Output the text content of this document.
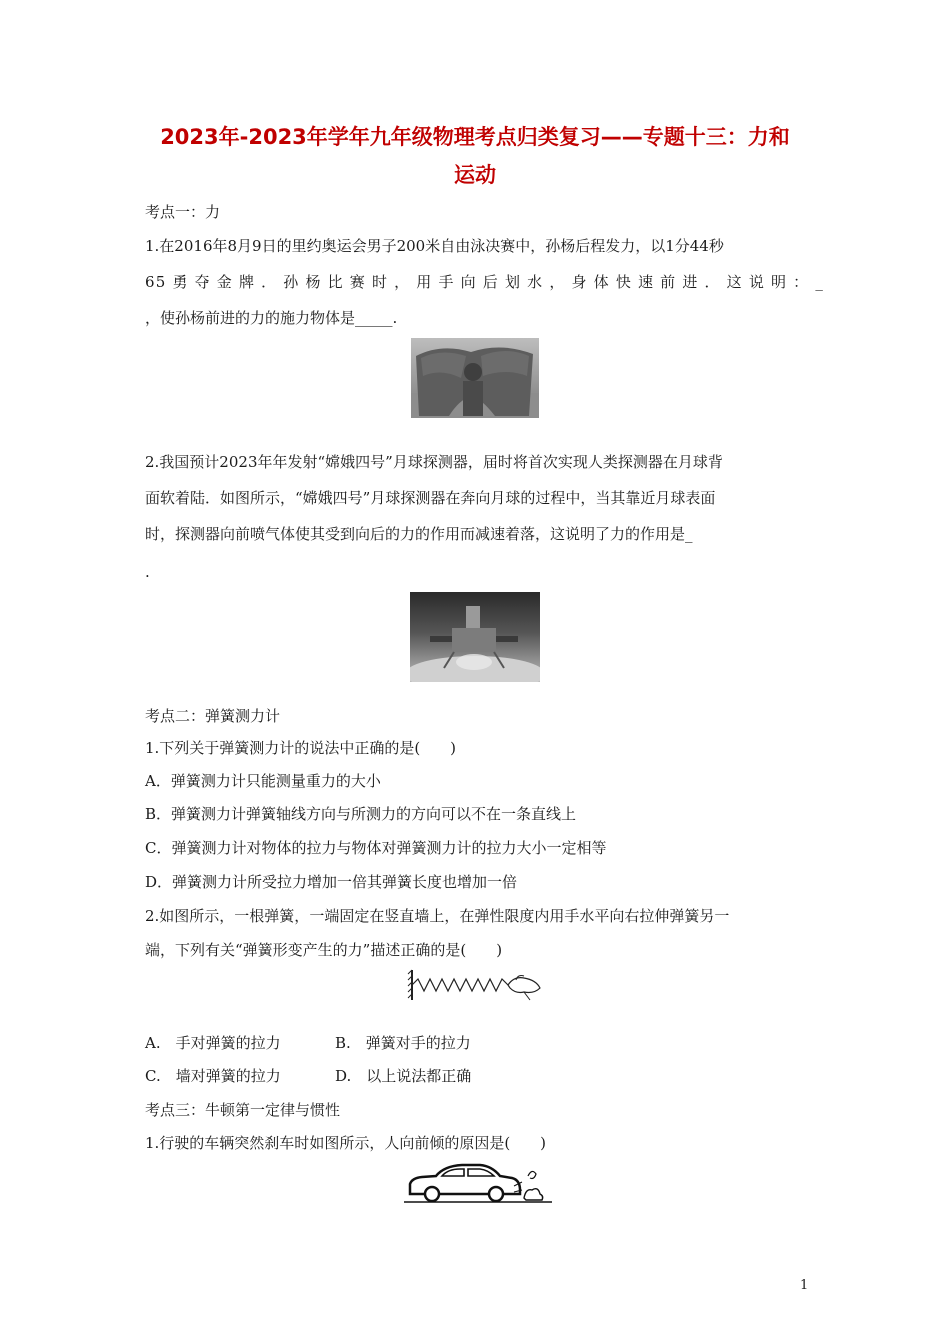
2023年-2023年学年九年级物理考点归类复习——专题十三：力和
运动
考点一：力
1.在2016年8月9日的里约奥运会男子200米自由泳决赛中，孙杨后程发力，以1分44秒
65 勇 夺 金 牌 ． 孙 杨 比 赛 时 ， 用 手 向 后 划 水 ， 身 体 快 速 前 进 ． 这 说 明 ： _
，使孙杨前进的力的施力物体是_____.
2.我国预计2023年年发射“嫦娥四号”月球探测器，届时将首次实现人类探测器在月球背
面软着陆．如图所示，“嫦娥四号”月球探测器在奔向月球的过程中，当其靠近月球表面
时，探测器向前喷气体使其受到向后的力的作用而减速着落，这说明了力的作用是_
.
考点二：弹簧测力计
1.下列关于弹簧测力计的说法中正确的是(　　)
A．弹簧测力计只能测量重力的大小
B．弹簧测力计弹簧轴线方向与所测力的方向可以不在一条直线上
C．弹簧测力计对物体的拉力与物体对弹簧测力计的拉力大小一定相等
D．弹簧测力计所受拉力增加一倍其弹簧长度也增加一倍
2.如图所示，一根弹簧，一端固定在竖直墙上，在弹性限度内用手水平向右拉伸弹簧另一
端，下列有关“弹簧形变产生的力”描述正确的是(　　)
A.　手对弹簧的拉力	B.　弹簧对手的拉力
C.　墙对弹簧的拉力	D.　以上说法都正确
考点三：牛顿第一定律与惯性
1.行驶的车辆突然刹车时如图所示，人向前倾的原因是(　　)
1
